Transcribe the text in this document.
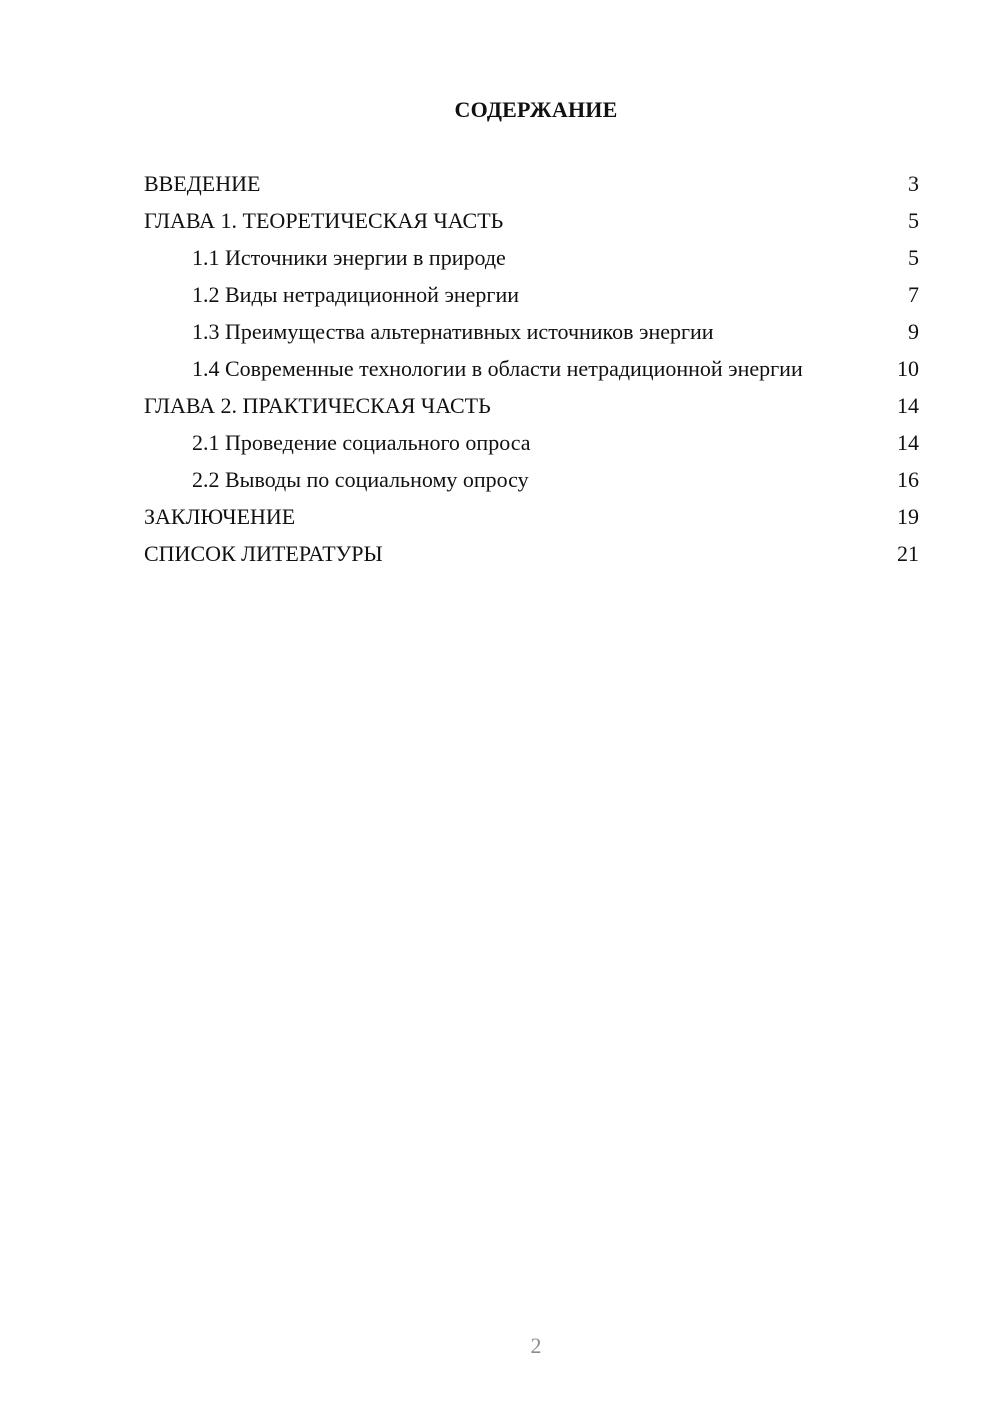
СОДЕРЖАНИЕ
ВВЕДЕНИЕ	3
ГЛАВА 1. ТЕОРЕТИЧЕСКАЯ ЧАСТЬ	5
1.1 Источники энергии в природе	5
1.2 Виды нетрадиционной энергии	7
1.3 Преимущества альтернативных источников энергии	9
1.4 Современные технологии в области нетрадиционной энергии	10
ГЛАВА 2. ПРАКТИЧЕСКАЯ ЧАСТЬ	14
2.1 Проведение социального опроса	14
2.2 Выводы по социальному опросу	16
ЗАКЛЮЧЕНИЕ	19
СПИСОК ЛИТЕРАТУРЫ	21
2
